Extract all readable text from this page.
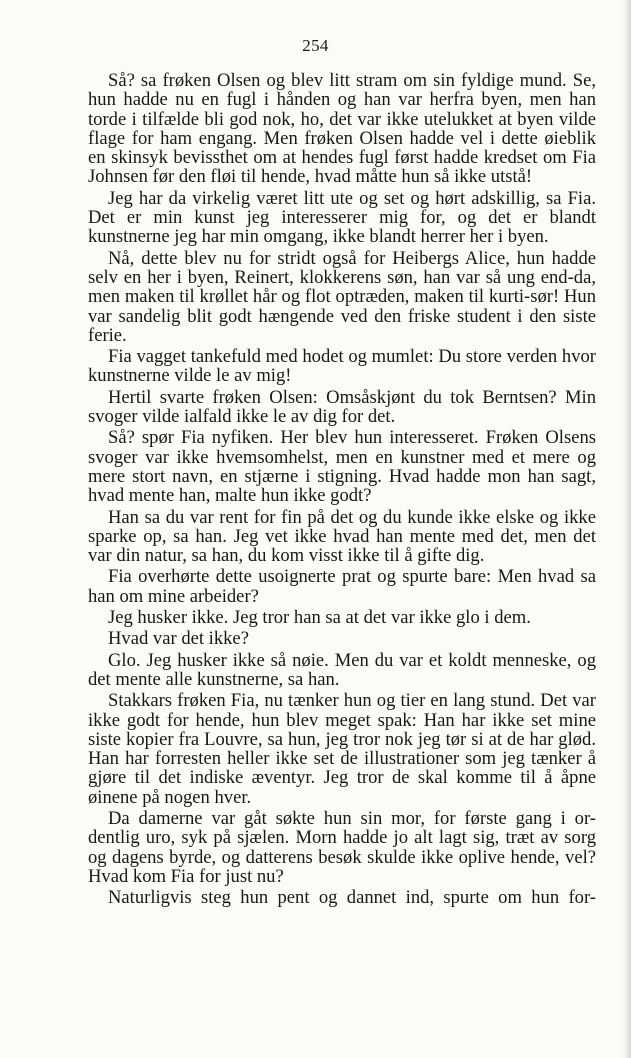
254

Så? sa frøken Olsen og blev litt stram om sin fyldige mund. Se, hun hadde nu en fugl i hånden og han var herfra byen, men han torde i tilfælde bli god nok, ho, det var ikke utelukket at byen vilde flage for ham engang. Men frøken Olsen hadde vel i dette øieblik en skinsyk bevissthet om at hendes fugl først hadde kredset om Fia Johnsen før den fløi til hende, hvad måtte hun så ikke utstå!

Jeg har da virkelig været litt ute og set og hørt adskillig, sa Fia. Det er min kunst jeg interesserer mig for, og det er blandt kunstnerne jeg har min omgang, ikke blandt herrer her i byen.

Nå, dette blev nu for stridt også for Heibergs Alice, hun hadde selv en her i byen, Reinert, klokkerens søn, han var så ung end-da, men maken til krøllet hår og flot optræden, maken til kurti-sør! Hun var sandelig blit godt hængende ved den friske student i den siste ferie.

Fia vagget tankefuld med hodet og mumlet: Du store verden hvor kunstnerne vilde le av mig!

Hertil svarte frøken Olsen: Omsåskjønt du tok Berntsen? Min svoger vilde ialfald ikke le av dig for det.

Så? spør Fia nyfiken. Her blev hun interesseret. Frøken Olsens svoger var ikke hvemsomhelst, men en kunstner med et mere og mere stort navn, en stjærne i stigning. Hvad hadde mon han sagt, hvad mente han, malte hun ikke godt?

Han sa du var rent for fin på det og du kunde ikke elske og ikke sparke op, sa han. Jeg vet ikke hvad han mente med det, men det var din natur, sa han, du kom visst ikke til å gifte dig.

Fia overhørte dette usoignerte prat og spurte bare: Men hvad sa han om mine arbeider?

Jeg husker ikke. Jeg tror han sa at det var ikke glo i dem.

Hvad var det ikke?

Glo. Jeg husker ikke så nøie. Men du var et koldt menneske, og det mente alle kunstnerne, sa han.

Stakkars frøken Fia, nu tænker hun og tier en lang stund. Det var ikke godt for hende, hun blev meget spak: Han har ikke set mine siste kopier fra Louvre, sa hun, jeg tror nok jeg tør si at de har glød. Han har forresten heller ikke set de illustrationer som jeg tænker å gjøre til det indiske æventyr. Jeg tror de skal komme til å åpne øinene på nogen hver.

Da damerne var gåt søkte hun sin mor, for første gang i or-dentlig uro, syk på sjælen. Morn hadde jo alt lagt sig, træt av sorg og dagens byrde, og datterens besøk skulde ikke oplive hende, vel? Hvad kom Fia for just nu?

Naturligvis steg hun pent og dannet ind, spurte om hun for-
